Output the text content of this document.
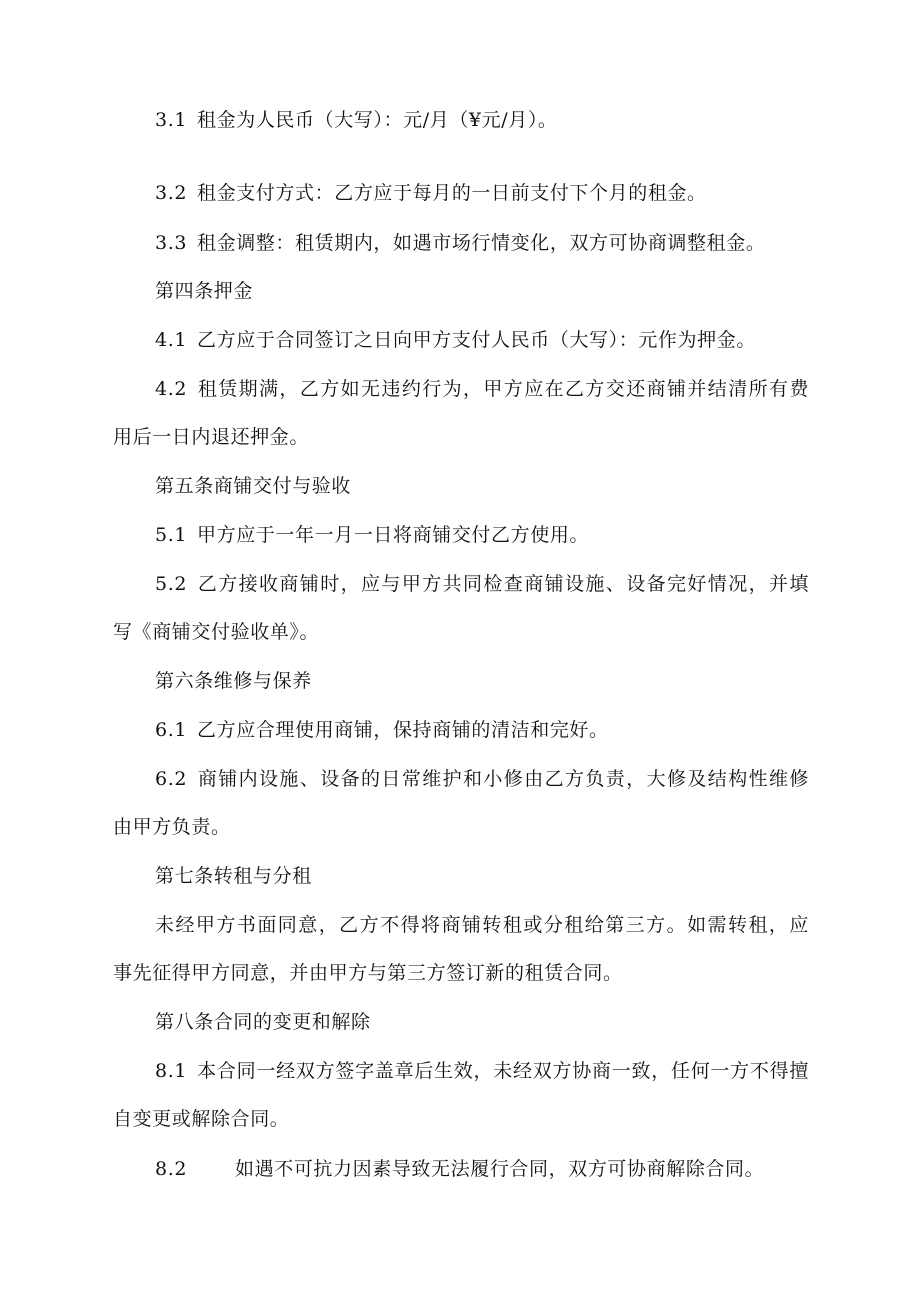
3.1 租金为人民币（大写）：元/月（¥元/月）。
3.2 租金支付方式：乙方应于每月的一日前支付下个月的租金。
3.3 租金调整：租赁期内，如遇市场行情变化，双方可协商调整租金。
第四条押金
4.1 乙方应于合同签订之日向甲方支付人民币（大写）：元作为押金。
4.2 租赁期满，乙方如无违约行为，甲方应在乙方交还商铺并结清所有费
用后一日内退还押金。
第五条商铺交付与验收
5.1 甲方应于一年一月一日将商铺交付乙方使用。
5.2 乙方接收商铺时，应与甲方共同检查商铺设施、设备完好情况，并填
写《商铺交付验收单》。
第六条维修与保养
6.1 乙方应合理使用商铺，保持商铺的清洁和完好。
6.2 商铺内设施、设备的日常维护和小修由乙方负责，大修及结构性维修
由甲方负责。
第七条转租与分租
未经甲方书面同意，乙方不得将商铺转租或分租给第三方。如需转租，应
事先征得甲方同意，并由甲方与第三方签订新的租赁合同。
第八条合同的变更和解除
8.1 本合同一经双方签字盖章后生效，未经双方协商一致，任何一方不得擅
自变更或解除合同。
8.2	如遇不可抗力因素导致无法履行合同，双方可协商解除合同。
